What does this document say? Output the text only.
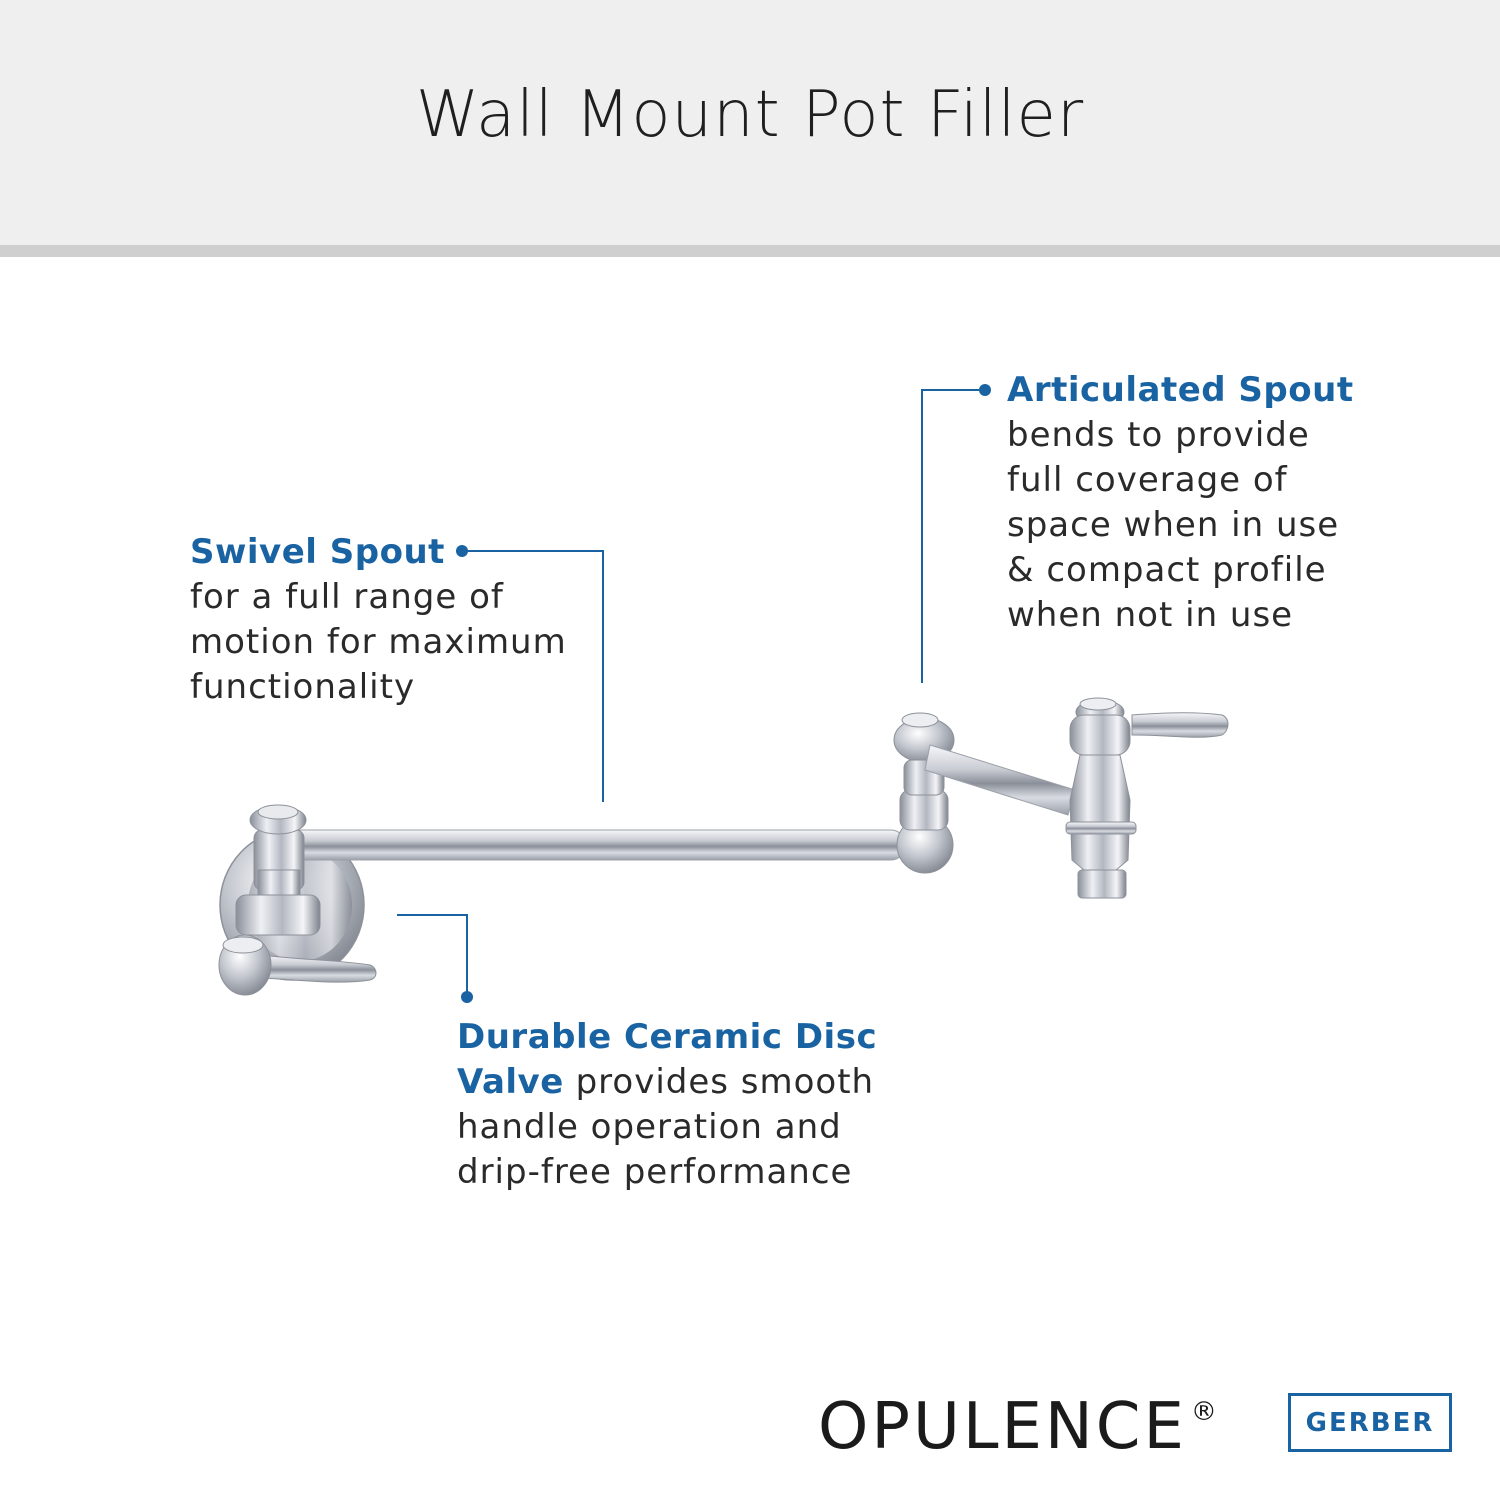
Wall Mount Pot Filler
Swivel Spout
for a full range of
motion for maximum
functionality
Articulated Spout
bends to provide
full coverage of
space when in use
& compact profile
when not in use
Durable Ceramic Disc
Valve provides smooth
handle operation and
drip-free performance
OPULENCE ®	GERBER
